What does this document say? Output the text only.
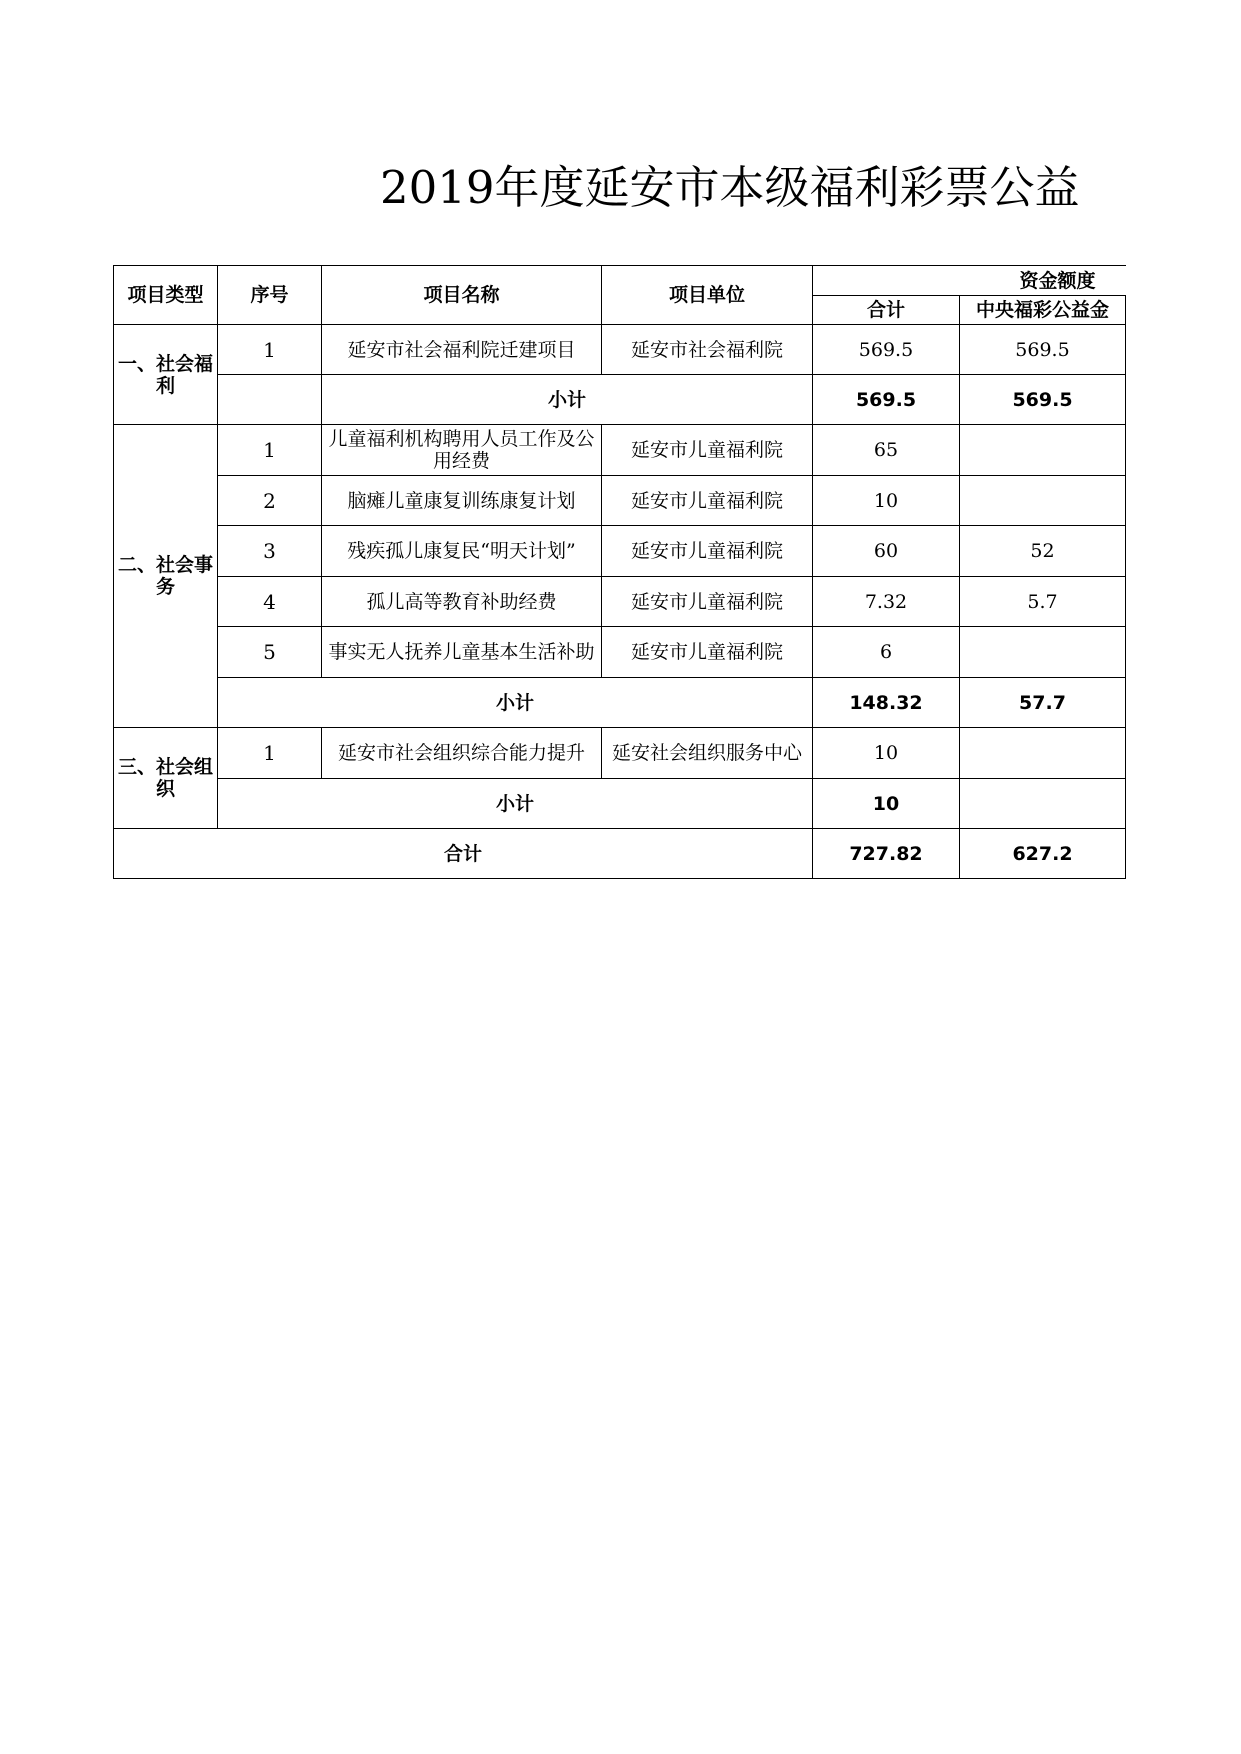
2019年度延安市本级福利彩票公益
项目类型	序号	项目名称	项目单位	资金额度	
				合计	中央福彩公益金
一、社会福利	1	延安市社会福利院迁建项目	延安市社会福利院	569.5	569.5
		小计		569.5	569.5
二、社会事务	1	儿童福利机构聘用人员工作及公用经费	延安市儿童福利院	65	
	2	脑瘫儿童康复训练康复计划	延安市儿童福利院	10	
	3	残疾孤儿康复民“明天计划”	延安市儿童福利院	60	52
	4	孤儿高等教育补助经费	延安市儿童福利院	7.32	5.7
	5	事实无人抚养儿童基本生活补助	延安市儿童福利院	6	
	小计			148.32	57.7
三、社会组织	1	延安市社会组织综合能力提升	延安社会组织服务中心	10	
	小计			10	
合计				727.82	627.2
